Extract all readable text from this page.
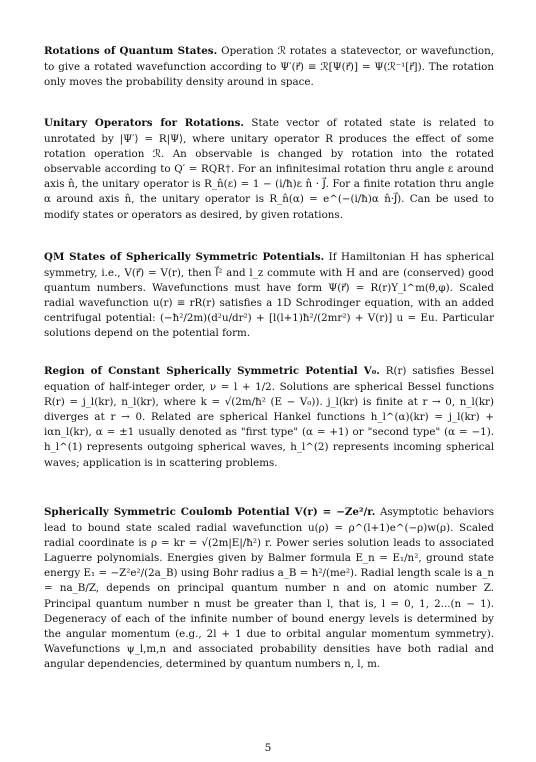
Rotations of Quantum States. Operation ℛ rotates a statevector, or wavefunction, to give a rotated wavefunction according to Ψ′(r⃗) ≡ ℛ[Ψ(r⃗)] = Ψ(ℛ⁻¹[r⃗]). The rotation only moves the probability density around in space.

Unitary Operators for Rotations. State vector of rotated state is related to unrotated by |Ψ′⟩ = R|Ψ⟩, where unitary operator R produces the effect of some rotation operation ℛ. An observable is changed by rotation into the rotated observable according to Q′ = RQR†. For an infinitesimal rotation thru angle ε around axis n̂, the unitary operator is R_n̂(ε) = 1 − (i/ħ)ε n̂ · J⃗. For a finite rotation thru angle α around axis n̂, the unitary operator is R_n̂(α) = e^(−(i/ħ)α n̂·J⃗). Can be used to modify states or operators as desired, by given rotations.

QM States of Spherically Symmetric Potentials. If Hamiltonian H has spherical symmetry, i.e., V(r⃗) = V(r), then l⃗² and l_z commute with H and are (conserved) good quantum numbers. Wavefunctions must have form Ψ(r⃗) = R(r)Y_l^m(θ,φ). Scaled radial wavefunction u(r) ≡ rR(r) satisfies a 1D Schrodinger equation, with an added centrifugal potential: (−ħ²/2m)(d²u/dr²) + [l(l+1)ħ²/(2mr²) + V(r)] u = Eu. Particular solutions depend on the potential form.

Region of Constant Spherically Symmetric Potential V₀. R(r) satisfies Bessel equation of half-integer order, ν = l + 1/2. Solutions are spherical Bessel functions R(r) = j_l(kr), n_l(kr), where k = √(2m/ħ² (E − V₀)). j_l(kr) is finite at r → 0, n_l(kr) diverges at r → 0. Related are spherical Hankel functions h_l^(α)(kr) = j_l(kr) + iαn_l(kr), α = ±1 usually denoted as "first type" (α = +1) or "second type" (α = −1). h_l^(1) represents outgoing spherical waves, h_l^(2) represents incoming spherical waves; application is in scattering problems.

Spherically Symmetric Coulomb Potential V(r) = −Ze²/r. Asymptotic behaviors lead to bound state scaled radial wavefunction u(ρ) = ρ^(l+1)e^(−ρ)w(ρ). Scaled radial coordinate is ρ = kr = √(2m|E|/ħ²) r. Power series solution leads to associated Laguerre polynomials. Energies given by Balmer formula E_n = E₁/n², ground state energy E₁ = −Z²e²/(2a_B) using Bohr radius a_B = ħ²/(me²). Radial length scale is a_n = na_B/Z, depends on principal quantum number n and on atomic number Z. Principal quantum number n must be greater than l, that is, l = 0, 1, 2...(n − 1). Degeneracy of each of the infinite number of bound energy levels is determined by the angular momentum (e.g., 2l + 1 due to orbital angular momentum symmetry). Wavefunctions ψ_l,m,n and associated probability densities have both radial and angular dependencies, determined by quantum numbers n, l, m.

5
